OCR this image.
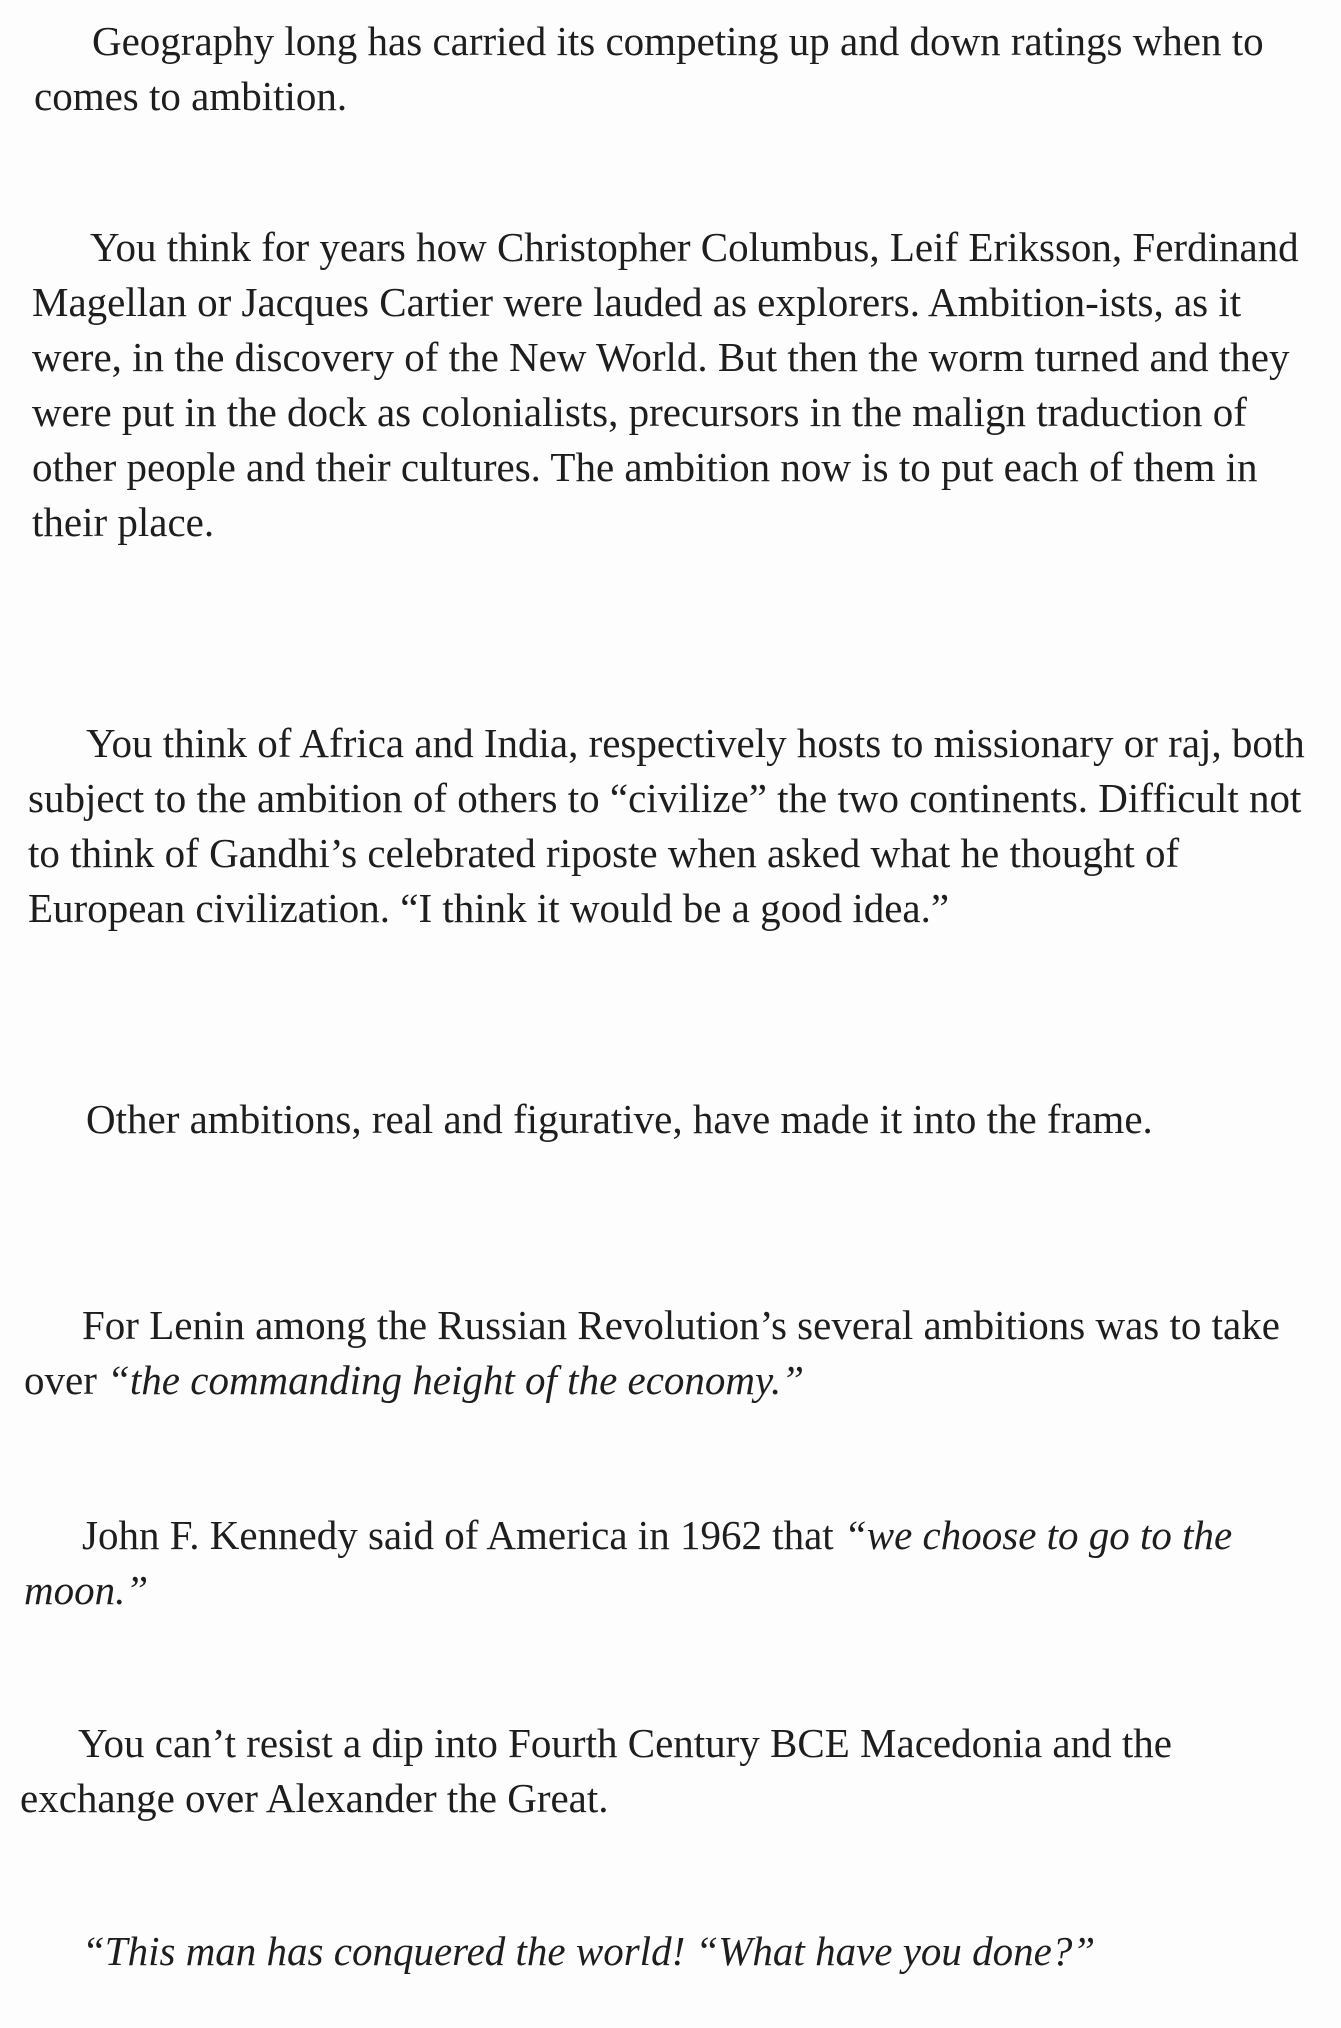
Geography long has carried its competing up and down ratings when to comes to ambition.

You think for years how Christopher Columbus, Leif Eriksson, Ferdinand Magellan or Jacques Cartier were lauded as explorers. Ambition-ists, as it were, in the discovery of the New World. But then the worm turned and they were put in the dock as colonialists, precursors in the malign traduction of other people and their cultures. The ambition now is to put each of them in their place.

You think of Africa and India, respectively hosts to missionary or raj, both subject to the ambition of others to “civilize” the two continents. Difficult not to think of Gandhi’s celebrated riposte when asked what he thought of European civilization. “I think it would be a good idea.”

Other ambitions, real and figurative, have made it into the frame.

For Lenin among the Russian Revolution’s several ambitions was to take over “the commanding height of the economy.”

John F. Kennedy said of America in 1962 that “we choose to go to the moon.”

You can’t resist a dip into Fourth Century BCE Macedonia and the exchange over Alexander the Great.

“This man has conquered the world! “What have you done?”
